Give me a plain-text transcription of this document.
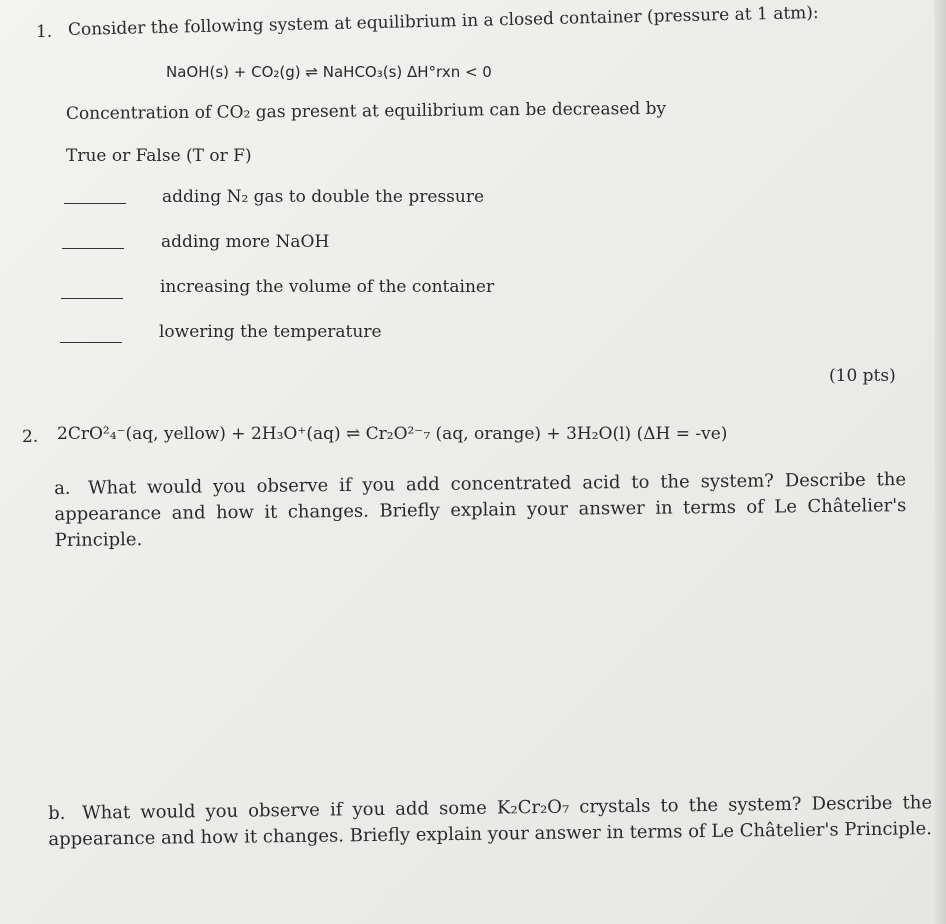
1. Consider the following system at equilibrium in a closed container (pressure at 1 atm):
NaOH(s) + CO₂(g) ⇌ NaHCO₃(s) ΔH°rxn < 0
Concentration of CO₂ gas present at equilibrium can be decreased by
True or False (T or F)
adding N₂ gas to double the pressure
adding more NaOH
increasing the volume of the container
lowering the temperature
(10 pts)
2. 2CrO²₄⁻(aq, yellow) + 2H₃O⁺(aq) ⇌ Cr₂O²⁻₇ (aq, orange) + 3H₂O(l) (ΔH = -ve)
a. What would you observe if you add concentrated acid to the system? Describe the appearance and how it changes. Briefly explain your answer in terms of Le Châtelier's Principle.
b. What would you observe if you add some K₂Cr₂O₇ crystals to the system? Describe the appearance and how it changes. Briefly explain your answer in terms of Le Châtelier's Principle.
